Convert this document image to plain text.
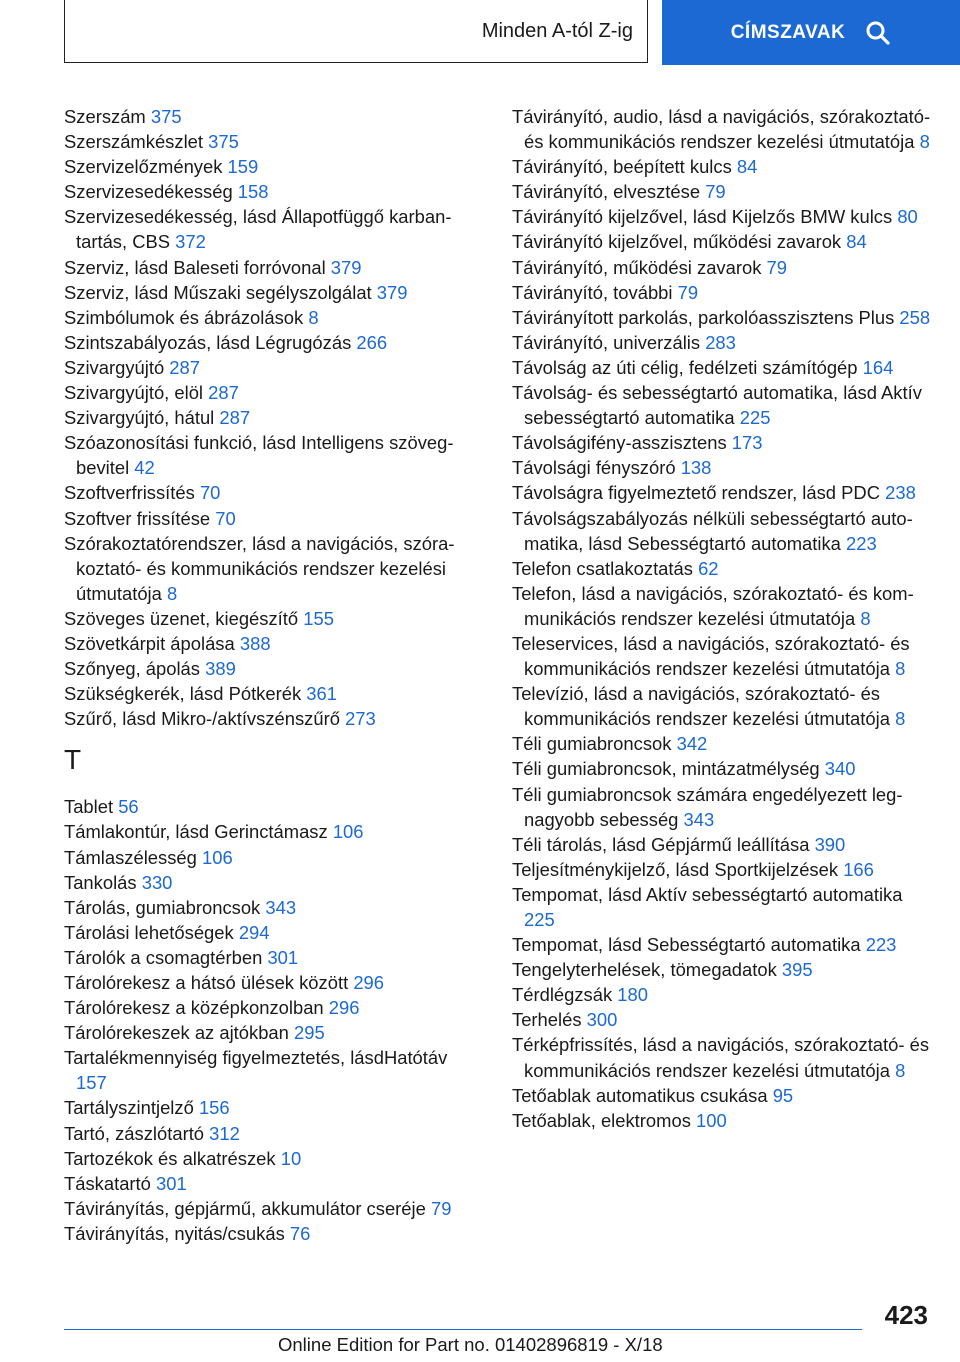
Minden A-tól Z-ig	CÍMSZAVAK
Szerszám 375
Szerszámkészlet 375
Szervizelőzmények 159
Szervizesedékesség 158
Szervizesedékesség, lásd Állapotfüggő karbantartás, CBS 372
Szerviz, lásd Baleseti forróvonal 379
Szerviz, lásd Műszaki segélyszolgálat 379
Szimbólumok és ábrázolások 8
Szintszabályozás, lásd Légrugózás 266
Szivargyújtó 287
Szivargyújtó, elöl 287
Szivargyújtó, hátul 287
Szóazonosítási funkció, lásd Intelligens szövegbevitel 42
Szoftverfrissítés 70
Szoftver frissítése 70
Szórakoztatórendszer, lásd a navigációs, szórakoztató- és kommunikációs rendszer kezelési útmutatója 8
Szöveges üzenet, kiegészítő 155
Szövetkárpit ápolása 388
Szőnyeg, ápolás 389
Szükségkerék, lásd Pótkerék 361
Szűrő, lásd Mikro-/aktívszénszűrő 273
T
Tablet 56
Támlakontúr, lásd Gerinctámasz 106
Támlaszélesség 106
Tankolás 330
Tárolás, gumiabroncsok 343
Tárolási lehetőségek 294
Tárolók a csomagtérben 301
Tárolórekesz a hátsó ülések között 296
Tárolórekesz a középkonzolban 296
Tárolórekeszek az ajtókban 295
Tartalékmennyiség figyelmeztetés, lásdHatótáv 157
Tartályszintjelző 156
Tartó, zászlótartó 312
Tartozékok és alkatrészek 10
Táskatartó 301
Távirányítás, gépjármű, akkumulátor cseréje 79
Távirányítás, nyitás/csukás 76
Távirányító, audio, lásd a navigációs, szórakoztató- és kommunikációs rendszer kezelési útmutatója 8
Távirányító, beépített kulcs 84
Távirányító, elvesztése 79
Távirányító kijelzővel, lásd Kijelzős BMW kulcs 80
Távirányító kijelzővel, működési zavarok 84
Távirányító, működési zavarok 79
Távirányító, további 79
Távirányított parkolás, parkolóasszisztens Plus 258
Távirányító, univerzális 283
Távolság az úti célig, fedélzeti számítógép 164
Távolság- és sebességtartó automatika, lásd Aktív sebességtartó automatika 225
Távolságifény-asszisztens 173
Távolsági fényszóró 138
Távolságra figyelmeztető rendszer, lásd PDC 238
Távolságszabályozás nélküli sebességtartó automatika, lásd Sebességtartó automatika 223
Telefon csatlakoztatás 62
Telefon, lásd a navigációs, szórakoztató- és kommunikációs rendszer kezelési útmutatója 8
Teleservices, lásd a navigációs, szórakoztató- és kommunikációs rendszer kezelési útmutatója 8
Televízió, lásd a navigációs, szórakoztató- és kommunikációs rendszer kezelési útmutatója 8
Téli gumiabroncsok 342
Téli gumiabroncsok, mintázatmélység 340
Téli gumiabroncsok számára engedélyezett legnagyobb sebesség 343
Téli tárolás, lásd Gépjármű leállítása 390
Teljesítménykijelző, lásd Sportkijelzések 166
Tempomat, lásd Aktív sebességtartó automatika 225
Tempomat, lásd Sebességtartó automatika 223
Tengelyterhelések, tömegadatok 395
Térdlégzsák 180
Terhelés 300
Térképfrissítés, lásd a navigációs, szórakoztató- és kommunikációs rendszer kezelési útmutatója 8
Tetőablak automatikus csukása 95
Tetőablak, elektromos 100
423
Online Edition for Part no. 01402896819 - X/18
